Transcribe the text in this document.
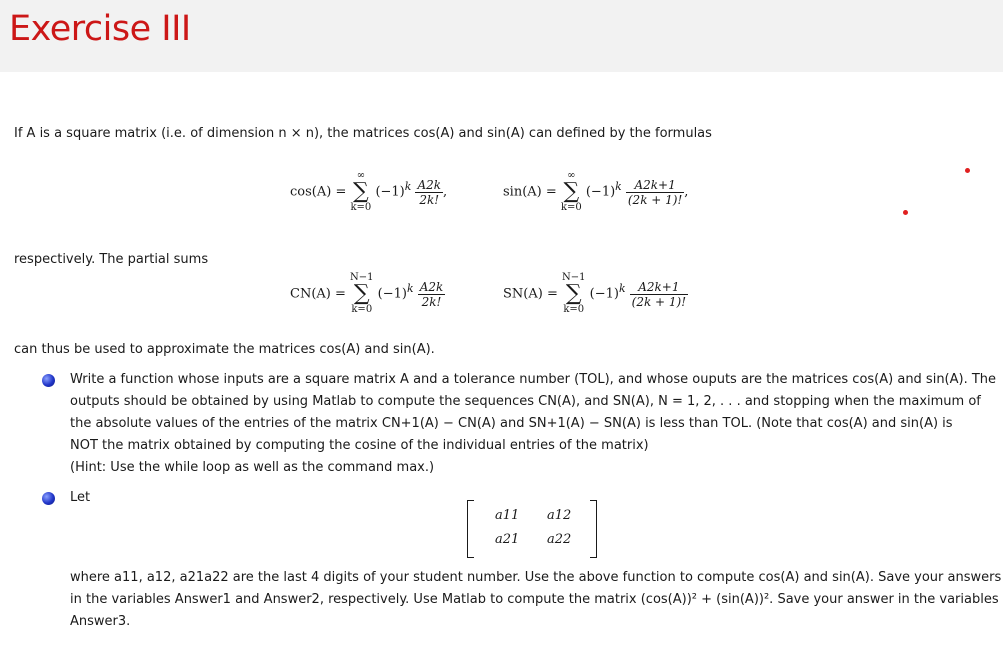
Exercise III
If A is a square matrix (i.e. of dimension n × n), the matrices cos(A) and sin(A) can defined by the formulas
cos(A) =
∞
∑
k=0
$(-1)^k \frac{A2k}{2k!}$ ,	sin(A) =
∞
∑
k=0
$(-1)^k \frac{A2k+1}{(2k + 1)!}$ ,
respectively. The partial sums
CN(A) =
N−1
∑
k=0
$(-1)^k \frac{A2k}{2k!}$	SN(A) =
N−1
∑
k=0
$(-1)^k \frac{A2k+1}{(2k + 1)!}$
can thus be used to approximate the matrices cos(A) and sin(A).
Write a function whose inputs are a square matrix A and a tolerance number (TOL), and whose ouputs are the matrices cos(A) and sin(A). The
outputs should be obtained by using Matlab to compute the sequences CN(A), and SN(A), N = 1, 2, . . . and stopping when the maximum of
the absolute values of the entries of the matrix CN+1(A) − CN(A) and SN+1(A) − SN(A) is less than TOL. (Note that cos(A) and sin(A) is
NOT the matrix obtained by computing the cosine of the individual entries of the matrix)
(Hint: Use the while loop as well as the command max.)
Let
a11 a12
a21 a22
where a11, a12, a21a22 are the last 4 digits of your student number. Use the above function to compute cos(A) and sin(A). Save your answers
in the variables Answer1 and Answer2, respectively. Use Matlab to compute the matrix (cos(A))² + (sin(A))². Save your answer in the variables
Answer3.
